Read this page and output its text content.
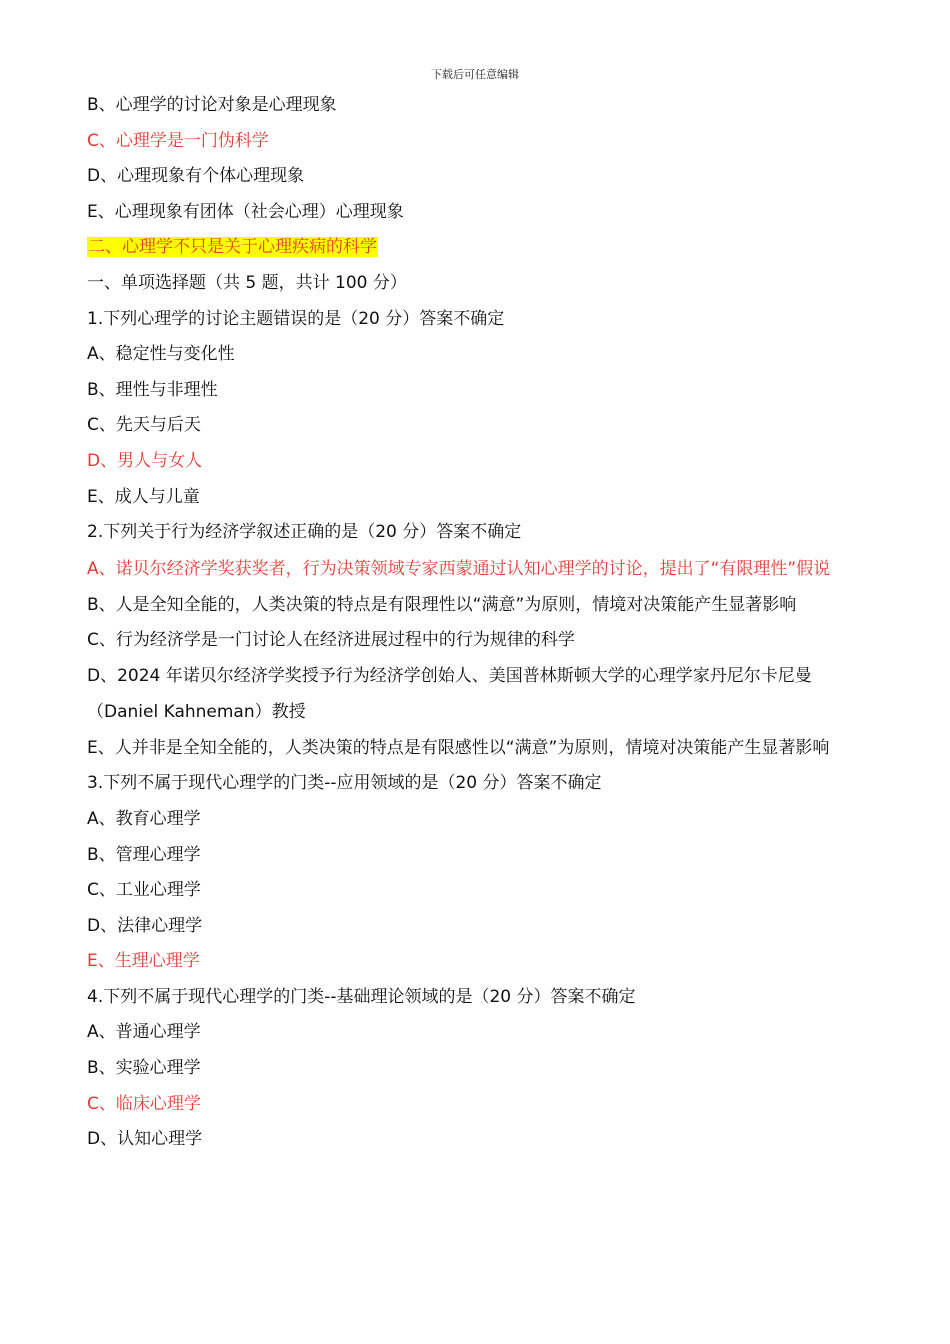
下载后可任意编辑
B、心理学的讨论对象是心理现象
C、心理学是一门伪科学
D、心理现象有个体心理现象
E、心理现象有团体（社会心理）心理现象
二、心理学不只是关于心理疾病的科学
一、单项选择题（共 5 题，共计 100 分）
1.下列心理学的讨论主题错误的是（20 分）答案不确定
A、稳定性与变化性
B、理性与非理性
C、先天与后天
D、男人与女人
E、成人与儿童
2.下列关于行为经济学叙述正确的是（20 分）答案不确定
A、诺贝尔经济学奖获奖者，行为决策领域专家西蒙通过认知心理学的讨论，提出了“有限理性”假说
B、人是全知全能的，人类决策的特点是有限理性以“满意”为原则，情境对决策能产生显著影响
C、行为经济学是一门讨论人在经济进展过程中的行为规律的科学
D、2024 年诺贝尔经济学奖授予行为经济学创始人、美国普林斯顿大学的心理学家丹尼尔卡尼曼（Daniel Kahneman）教授
E、人并非是全知全能的，人类决策的特点是有限感性以“满意”为原则，情境对决策能产生显著影响
3.下列不属于现代心理学的门类--应用领域的是（20 分）答案不确定
A、教育心理学
B、管理心理学
C、工业心理学
D、法律心理学
E、生理心理学
4.下列不属于现代心理学的门类--基础理论领域的是（20 分）答案不确定
A、普通心理学
B、实验心理学
C、临床心理学
D、认知心理学
